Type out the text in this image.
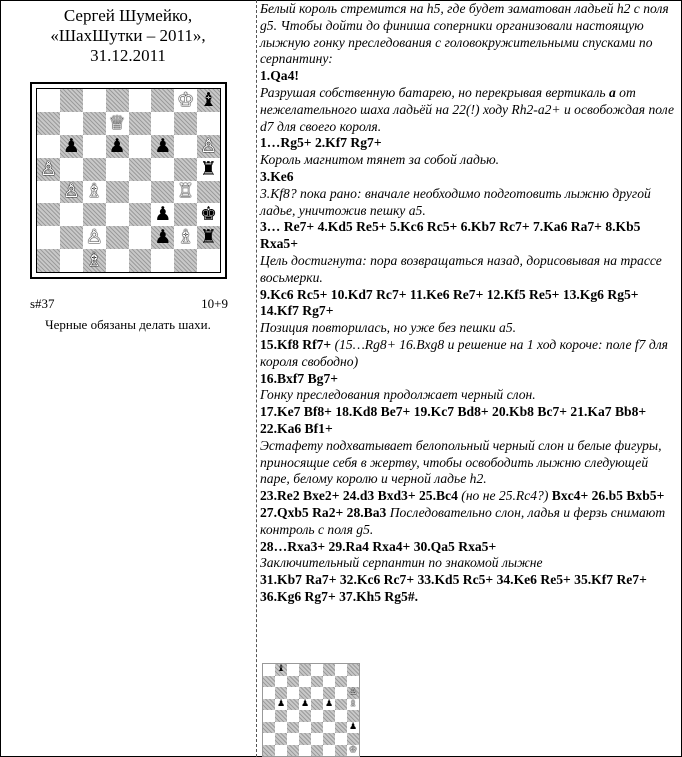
Сергей Шумейко,
«ШахШутки – 2011»,
31.12.2011
♔ ♝
♕
♟ ♟ ♟ ♙
♙	♜
♙ ♗	♖
♟ ♚
♙	♟ ♗ ♜
♗
s#37	10+9
Черные обязаны делать шахи.

Белый король стремится на h5, где будет заматован ладьей h2 с поля g5. Чтобы дойти до финиша соперники организовали настоящую лыжную гонку преследования с головокружительными спусками по серпантину:

1.Qa4!

Разрушая собственную батарею, но перекрывая вертикаль а от нежелательного шаха ладьёй на 22(!) ходу Rh2-a2+ и освобождая поле d7 для своего короля.

1…Rg5+ 2.Kf7 Rg7+

Король магнитом тянет за собой ладью.

3.Ke6

3.Kf8? пока рано: вначале необходимо подготовить лыжню другой ладье, уничтожив пешку а5.

3… Re7+ 4.Kd5 Re5+ 5.Kc6 Rc5+ 6.Kb7 Rc7+ 7.Ka6 Ra7+ 8.Kb5 Rxa5+

Цель достигнута: пора возвращаться назад, дорисовывая на трассе восьмерки.

9.Kc6 Rc5+ 10.Kd7 Rc7+ 11.Ke6 Re7+ 12.Kf5 Re5+ 13.Kg6 Rg5+ 14.Kf7 Rg7+

Позиция повторилась, но уже без пешки а5.

15.Kf8 Rf7+ (15…Rg8+ 16.Bxg8 и решение на 1 ход короче: поле f7 для короля свободно)

16.Bxf7 Bg7+

Гонку преследования продолжает черный слон.

17.Ke7 Bf8+ 18.Kd8 Be7+ 19.Kc7 Bd8+ 20.Kb8 Bc7+ 21.Ka7 Bb8+ 22.Ka6 Bf1+

Эстафету подхватывает белопольный черный слон и белые фигуры, приносящие себя в жертву, чтобы освободить лыжню следующей паре, белому королю и черной ладье h2.

23.Re2 Bxe2+ 24.d3 Bxd3+ 25.Bc4 (но не 25.Rc4?) Bxc4+ 26.b5 Bxb5+ 27.Qxb5 Ra2+ 28.Ba3 Последовательно слон, ладья и ферзь снимают контроль с поля g5.

28…Rxa3+ 29.Ra4 Rxa4+ 30.Qa5 Rxa5+

Заключительный серпантин по знакомой лыжне

31.Kb7 Ra7+ 32.Kc6 Rc7+ 33.Kd5 Rc5+ 34.Ke6 Re5+ 35.Kf7 Re7+ 36.Kg6 Rg7+ 37.Kh5 Rg5#.

♝
♙
♟ ♟ ♟ ♗
♟
♔
